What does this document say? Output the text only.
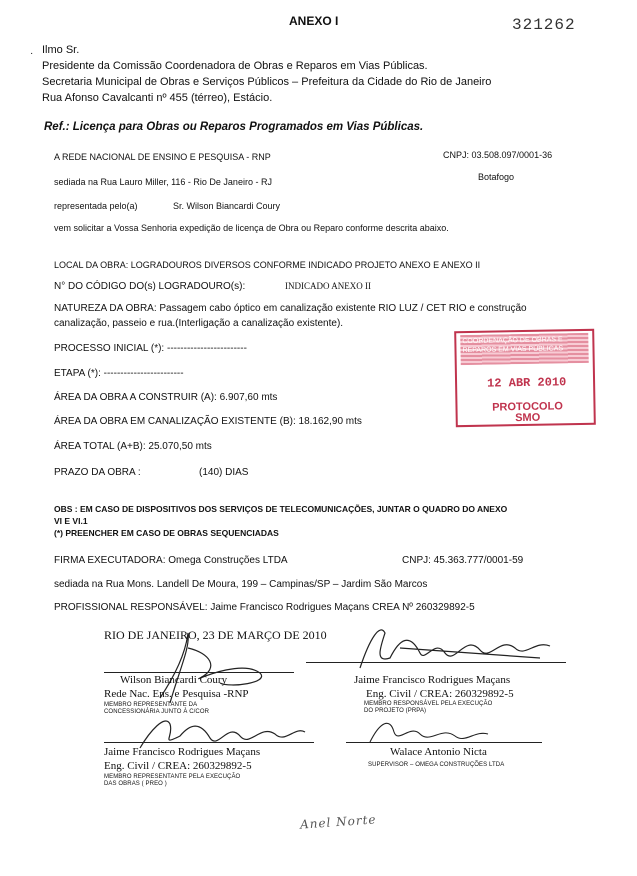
ANEXO I	321262
· Ilmo Sr.
Presidente da Comissão Coordenadora de Obras e Reparos em Vias Públicas.
Secretaria Municipal de Obras e Serviços Públicos – Prefeitura da Cidade do Rio de Janeiro
Rua Afonso Cavalcanti nº 455 (térreo), Estácio.
Ref.: Licença para Obras ou Reparos Programados em Vias Públicas.
A REDE NACIONAL DE ENSINO E PESQUISA - RNP	CNPJ: 03.508.097/0001-36
sediada na Rua Lauro Miller, 116 - Rio De Janeiro - RJ	Botafogo
representada pelo(a)	Sr. Wilson Biancardi Coury
vem solicitar a Vossa Senhoria expedição de licença de Obra ou Reparo conforme descrita abaixo.
LOCAL DA OBRA: LOGRADOUROS DIVERSOS CONFORME INDICADO PROJETO ANEXO E ANEXO II
N° DO CÓDIGO DO(s) LOGRADOURO(s):	INDICADO ANEXO II
NATUREZA DA OBRA: Passagem cabo óptico em canalização existente RIO LUZ / CET RIO e construção
canalização, passeio e rua.(Interligação a canalização existente).
PROCESSO INICIAL (*): ------------------------
ETAPA (*): ------------------------
ÁREA DA OBRA A CONSTRUIR (A): 6.907,60 mts
ÁREA DA OBRA EM CANALIZAÇÃO EXISTENTE (B): 18.162,90 mts
ÁREA TOTAL (A+B): 25.070,50 mts
PRAZO DA OBRA :	(140) DIAS
COORDENAÇÃO DE OBRAS E REPAROS EM VIAS PÚBLICAS
12 ABR 2010
PROTOCOLO SMO
OBS : EM CASO DE DISPOSITIVOS DOS SERVIÇOS DE TELECOMUNICAÇÕES, JUNTAR O QUADRO DO ANEXO
VI E VI.1
(*) PREENCHER EM CASO DE OBRAS SEQUENCIADAS
FIRMA EXECUTADORA: Omega Construções LTDA	CNPJ: 45.363.777/0001-59
sediada na Rua Mons. Landell De Moura, 199 – Campinas/SP – Jardim São Marcos
PROFISSIONAL RESPONSÁVEL: Jaime Francisco Rodrigues Maçans CREA Nº 260329892-5
RIO DE JANEIRO, 23 DE MARÇO DE 2010
Wilson Biancardi Coury
Rede Nac. Ens. e Pesquisa -RNP
MEMBRO REPRESENTANTE DA
CONCESSIONÁRIA JUNTO À C/COR
Jaime Francisco Rodrigues Maçans
Eng. Civil / CREA: 260329892-5
MEMBRO RESPONSÁVEL PELA EXECUÇÃO
DO PROJETO (PRPA)
Jaime Francisco Rodrigues Maçans
Eng. Civil / CREA: 260329892-5
MEMBRO REPRESENTANTE PELA EXECUÇÃO
DAS OBRAS ( PREO )
Walace Antonio Nicta
SUPERVISOR – OMEGA CONSTRUÇÕES LTDA
Anel Norte
